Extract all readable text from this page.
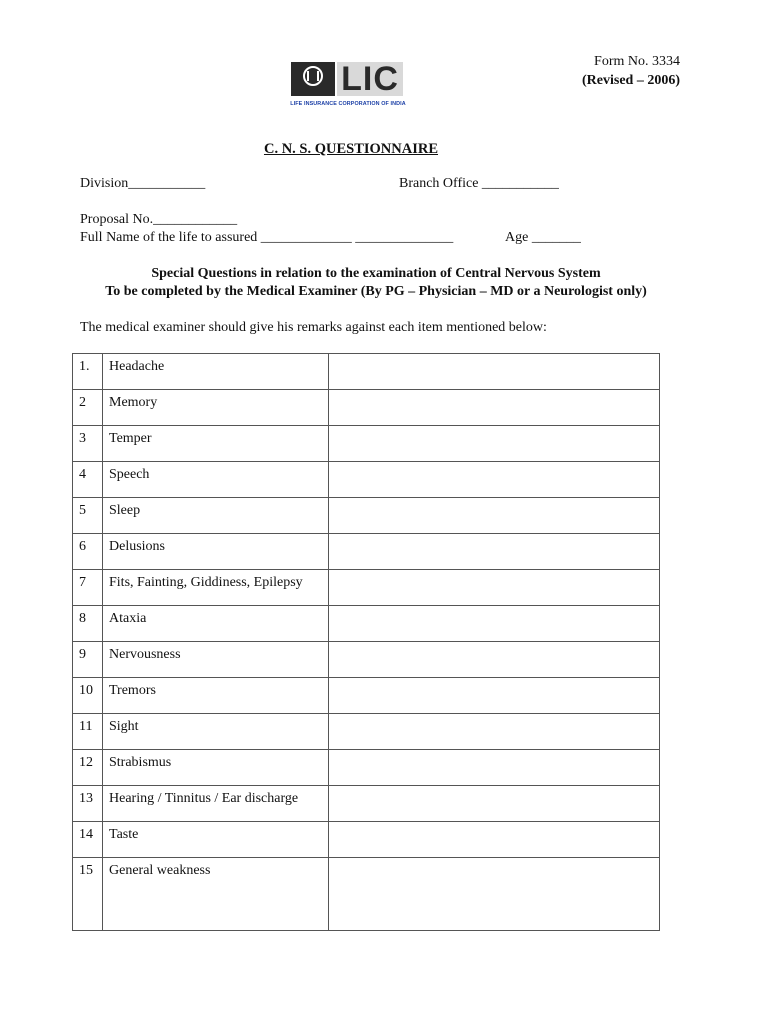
Form No. 3334
(Revised – 2006)
LIC
LIFE INSURANCE CORPORATION OF INDIA
C. N. S. QUESTIONNAIRE
Division___________	Branch Office ___________
Proposal No.____________
Full Name of the life to assured _____________ ______________	Age _______
Special Questions in relation to the examination of Central Nervous System
To be completed by the Medical Examiner (By PG – Physician – MD or a Neurologist only)
The medical examiner should give his remarks against each item mentioned below:
1.	Headache	
2	Memory	
3	Temper	
4	Speech	
5	Sleep	
6	Delusions	
7	Fits, Fainting, Giddiness, Epilepsy	
8	Ataxia	
9	Nervousness	
10	Tremors	
11	Sight	
12	Strabismus	
13	Hearing / Tinnitus / Ear discharge	
14	Taste	
15	General weakness	
